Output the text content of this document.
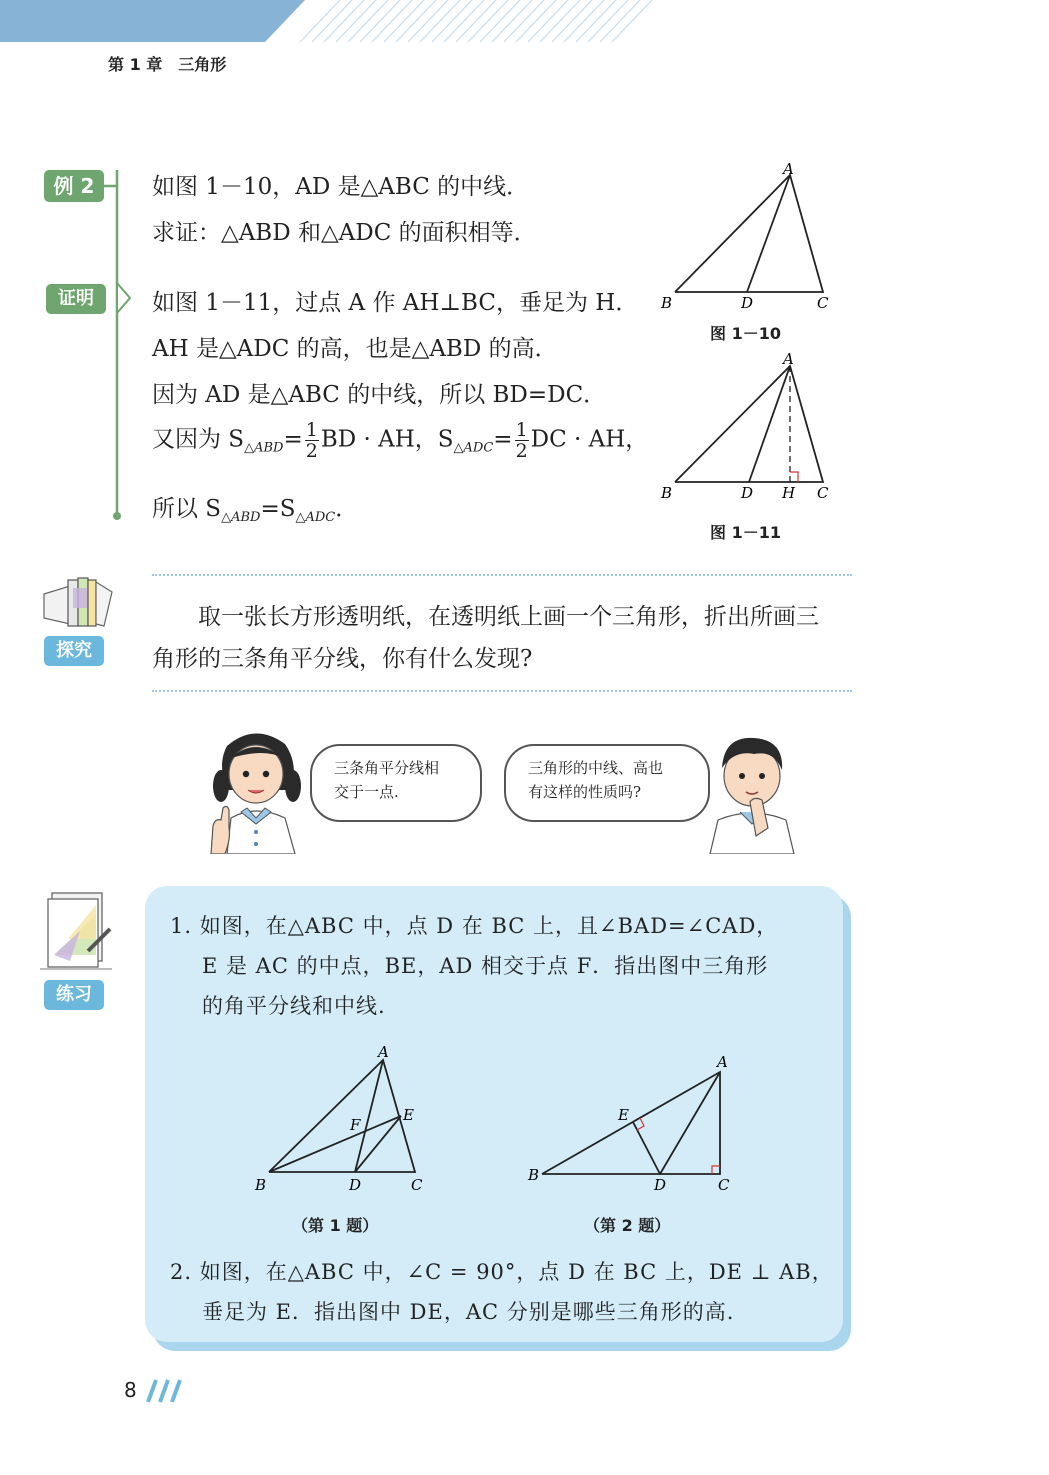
第 1 章　三角形
例 2	如图 1－10，AD 是△ABC 的中线．
求证：△ABD 和△ADC 的面积相等．
证明	如图 1－11，过点 A 作 AH⊥BC，垂足为 H．
AH 是△ADC 的高，也是△ABD 的高．
因为 AD 是△ABC 的中线，所以 BD=DC．
又因为 $S_{\triangle ABD}= \frac{1}{2}$ BD · AH，$S_{\triangle ADC}= \frac{1}{2}$ DC · AH，
所以 $S_{\triangle ABD}=S_{\triangle ADC}$．
A
B	D	C
图 1－10
A
B	D H C
图 1－11
探究
取一张长方形透明纸，在透明纸上画一个三角形，折出所画三
角形的三条角平分线，你有什么发现?
三条角平分线相
交于一点.
三角形的中线、高也
有这样的性质吗?
练习
1. 如图，在△ABC 中，点 D 在 BC 上，且∠BAD=∠CAD，
E 是 AC 的中点，BE，AD 相交于点 F．指出图中三角形
的角平分线和中线.
A
B	D	C
E
F
（第 1 题）
A
B
D	C
E
（第 2 题）
2. 如图，在△ABC 中，∠C = 90°，点 D 在 BC 上，DE ⊥ AB，
垂足为 E．指出图中 DE，AC 分别是哪些三角形的高.
8
